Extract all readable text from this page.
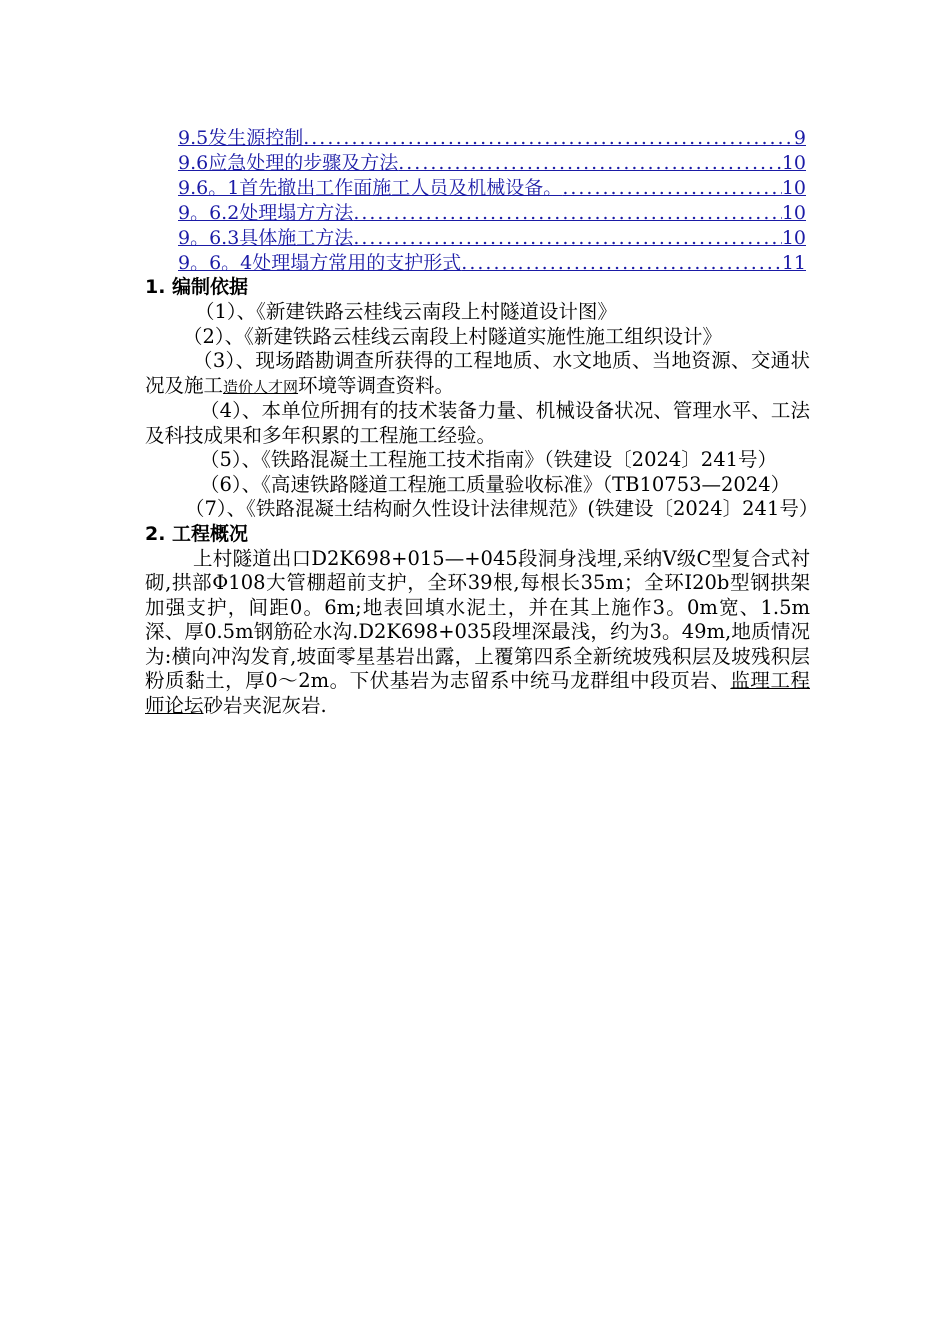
9.5发生源控制 .....	9
9.6应急处理的步骤及方法 .....	10
9.6。1首先撤出工作面施工人员及机械设备。 .....	10
9。6.2处理塌方方法 .....	10
9。6.3具体施工方法 .....	10
9。6。4处理塌方常用的支护形式 .....	11
1. 编制依据

（1）、《新建铁路云桂线云南段上村隧道设计图》

（2）、《新建铁路云桂线云南段上村隧道实施性施工组织设计》

（3）、现场踏勘调查所获得的工程地质、水文地质、当地资源、交通状况及施工造价人才网环境等调查资料。

（4）、本单位所拥有的技术装备力量、机械设备状况、管理水平、工法及科技成果和多年积累的工程施工经验。

（5）、《铁路混凝土工程施工技术指南》（铁建设〔2024〕241号）

（6）、《高速铁路隧道工程施工质量验收标准》（TB10753—2024）

（7）、《铁路混凝土结构耐久性设计法律规范》(铁建设〔2024〕241号）

2. 工程概况

上村隧道出口D2K698+015—+045段洞身浅埋,采纳Ⅴ级C型复合式衬砌,拱部Φ108大管棚超前支护，全环39根,每根长35m；全环I20b型钢拱架加强支护，间距0。6m;地表回填水泥土，并在其上施作3。0m宽、1.5m深、厚0.5m钢筋砼水沟.D2K698+035段埋深最浅，约为3。49m,地质情况为:横向冲沟发育,坡面零星基岩出露，上覆第四系全新统坡残积层及坡残积层粉质黏土，厚0～2m。下伏基岩为志留系中统马龙群组中段页岩、监理工程师论坛砂岩夹泥灰岩.
